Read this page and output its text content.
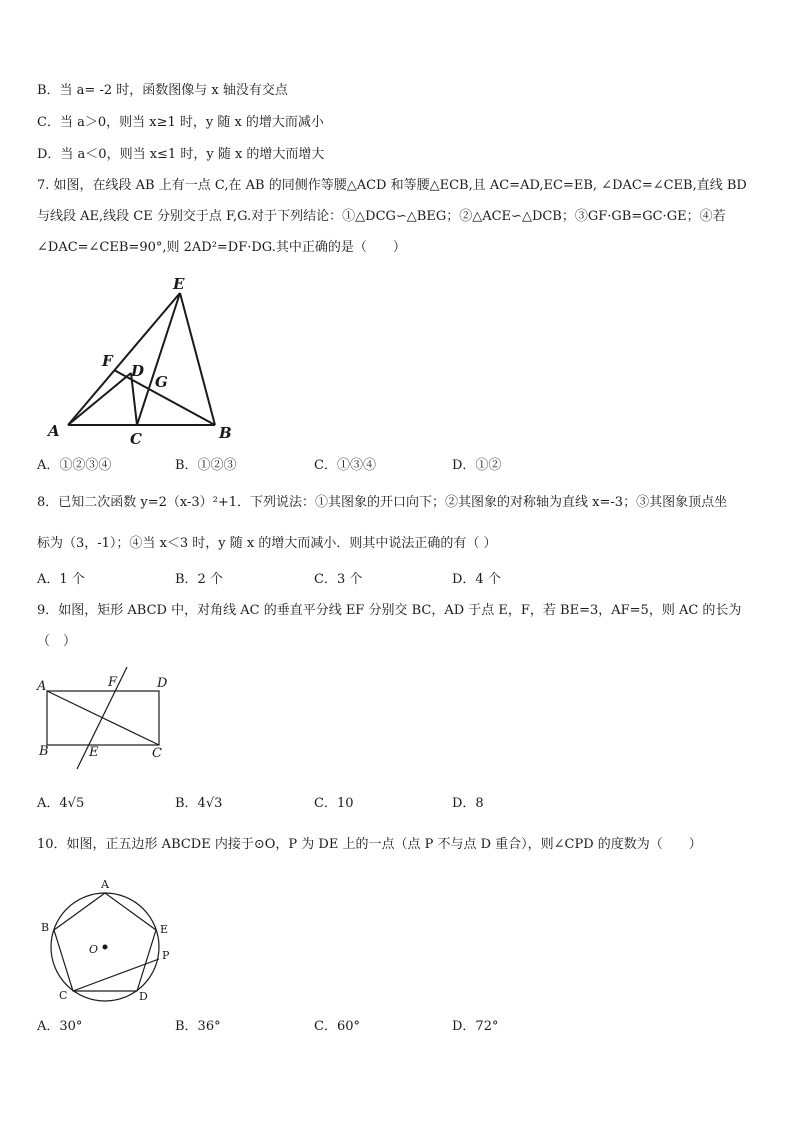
B．当 a= -2 时，函数图像与 x 轴没有交点
C．当 a＞0，则当 x≥1 时，y 随 x 的增大而减小
D．当 a＜0，则当 x≤1 时，y 随 x 的增大而增大
7. 如图，在线段 AB 上有一点 C,在 AB 的同侧作等腰△ACD 和等腰△ECB,且 AC=AD,EC=EB, ∠DAC=∠CEB,直线 BD
与线段 AE,线段 CE 分别交于点 F,G.对于下列结论：①△DCG∽△BEG；②△ACE∽△DCB；③GF·GB=GC·GE；④若
∠DAC=∠CEB=90°,则 2AD²=DF·DG.其中正确的是（　　）
E
F
D
G
A	C	B
A．①②③④	B．①②③	C．①③④	D．①②
8．已知二次函数 y=2（x-3）²+1．下列说法：①其图象的开口向下；②其图象的对称轴为直线 x=-3；③其图象顶点坐
标为（3，-1）；④当 x＜3 时，y 随 x 的增大而减小．则其中说法正确的有（ ）
A．1 个	B．2 个	C．3 个	D．4 个
9．如图，矩形 ABCD 中，对角线 AC 的垂直平分线 EF 分别交 BC，AD 于点 E，F，若 BE=3，AF=5，则 AC 的长为
（　）
A	F	D
B	E	C
A．4√5	B．4√3	C．10	D．8
10．如图，正五边形 ABCDE 内接于⊙O，P 为 DE 上的一点（点 P 不与点 D 重合），则∠CPD 的度数为（　　）
A
B	E
O	P
C	D
A．30°	B．36°	C．60°	D．72°
